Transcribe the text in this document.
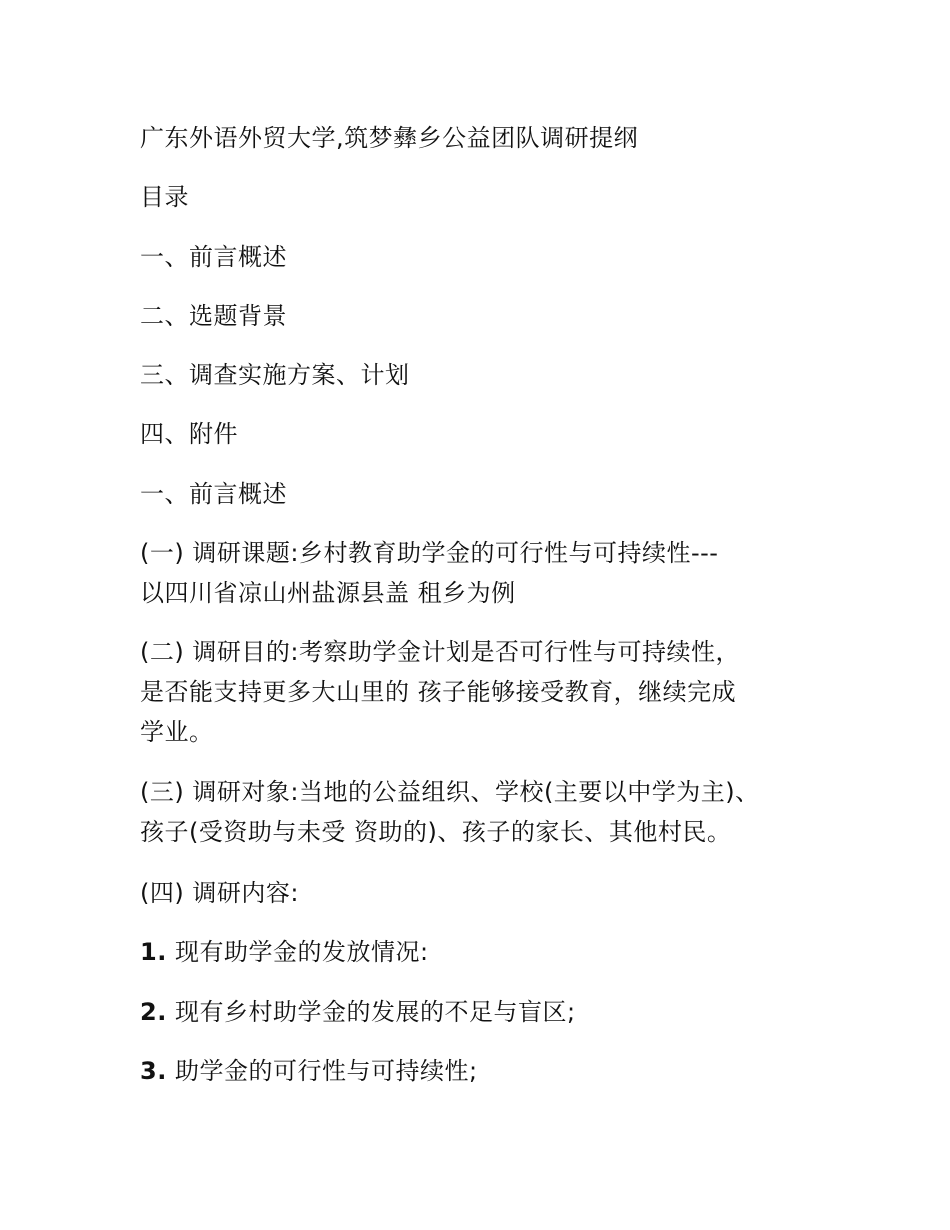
广东外语外贸大学,筑梦彝乡公益团队调研提纲
目录
一、前言概述
二、选题背景
三、调查实施方案、计划
四、附件
一、前言概述
(一) 调研课题:乡村教育助学金的可行性与可持续性---
以四川省凉山州盐源县盖 租乡为例
(二) 调研目的:考察助学金计划是否可行性与可持续性，
是否能支持更多大山里的 孩子能够接受教育，继续完成
学业。
(三) 调研对象:当地的公益组织、学校(主要以中学为主)、
孩子(受资助与未受 资助的)、孩子的家长、其他村民。
(四) 调研内容:
1. 现有助学金的发放情况:
2. 现有乡村助学金的发展的不足与盲区;
3. 助学金的可行性与可持续性;
